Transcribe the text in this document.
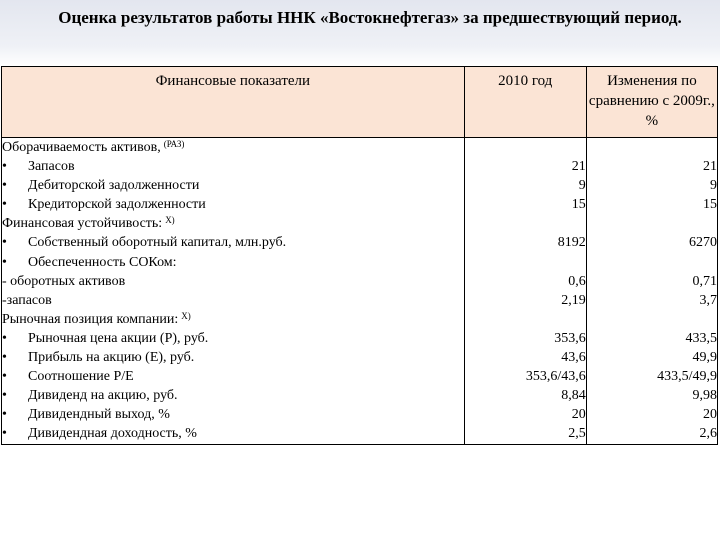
Оценка результатов работы ННК «Востокнефтегаз» за предшествующий период.
Финансовые показатели	2010 год	Изменения по сравнению с 2009г., %
Оборачиваемость активов, $^{(РАЗ)}$		
• Запасов	21	21
• Дебиторской задолженности	9	9
• Кредиторской задолженности	15	15
Финансовая устойчивость: $^{Х)}$		
• Собственный оборотный капитал, млн.руб.	8192	6270
• Обеспеченность СОКом:		
- оборотных активов	0,6	0,71
-запасов	2,19	3,7
Рыночная позиция компании: $^{Х)}$		
• Рыночная цена акции (P), руб.	353,6	433,5
• Прибыль на акцию (E), руб.	43,6	49,9
• Соотношение P/E	353,6/43,6	433,5/49,9
• Дивиденд на акцию, руб.	8,84	9,98
• Дивидендный выход, %	20	20
• Дивидендная доходность, %	2,5	2,6
